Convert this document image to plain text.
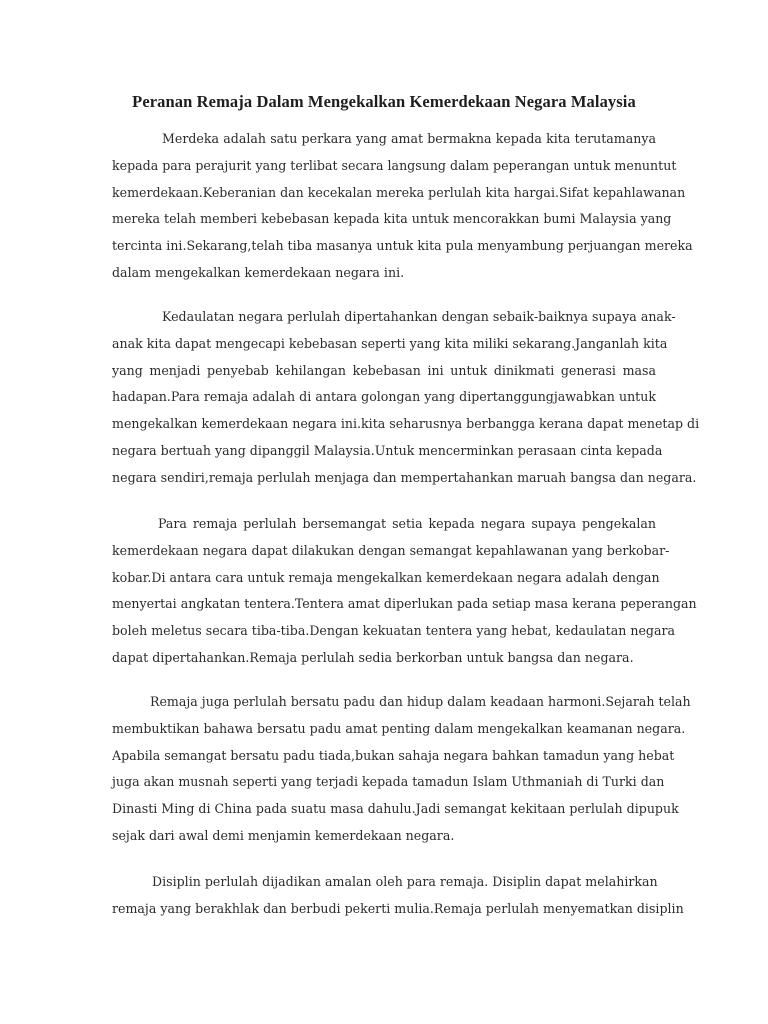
Peranan Remaja Dalam Mengekalkan Kemerdekaan Negara Malaysia
Merdeka adalah satu perkara yang amat bermakna kepada kita terutamanya
kepada para perajurit yang terlibat secara langsung dalam peperangan untuk menuntut
kemerdekaan.Keberanian dan kecekalan mereka perlulah kita hargai.Sifat kepahlawanan
mereka telah memberi kebebasan kepada kita untuk mencorakkan bumi Malaysia yang
tercinta ini.Sekarang,telah tiba masanya untuk kita pula menyambung perjuangan mereka
dalam mengekalkan kemerdekaan negara ini.
Kedaulatan negara perlulah dipertahankan dengan sebaik-baiknya supaya anak-
anak kita dapat mengecapi kebebasan seperti yang kita miliki sekarang.Janganlah kita
yang menjadi penyebab kehilangan kebebasan ini untuk dinikmati generasi masa
hadapan.Para remaja adalah di antara golongan yang dipertanggungjawabkan untuk
mengekalkan kemerdekaan negara ini.kita seharusnya berbangga kerana dapat menetap di
negara bertuah yang dipanggil Malaysia.Untuk mencerminkan perasaan cinta kepada
negara sendiri,remaja perlulah menjaga dan mempertahankan maruah bangsa dan negara.
Para remaja perlulah bersemangat setia kepada negara supaya pengekalan
kemerdekaan negara dapat dilakukan dengan semangat kepahlawanan yang berkobar-
kobar.Di antara cara untuk remaja mengekalkan kemerdekaan negara adalah dengan
menyertai angkatan tentera.Tentera amat diperlukan pada setiap masa kerana peperangan
boleh meletus secara tiba-tiba.Dengan kekuatan tentera yang hebat, kedaulatan negara
dapat dipertahankan.Remaja perlulah sedia berkorban untuk bangsa dan negara.
Remaja juga perlulah bersatu padu dan hidup dalam keadaan harmoni.Sejarah telah
membuktikan bahawa bersatu padu amat penting dalam mengekalkan keamanan negara.
Apabila semangat bersatu padu tiada,bukan sahaja negara bahkan tamadun yang hebat
juga akan musnah seperti yang terjadi kepada tamadun Islam Uthmaniah di Turki dan
Dinasti Ming di China pada suatu masa dahulu.Jadi semangat kekitaan perlulah dipupuk
sejak dari awal demi menjamin kemerdekaan negara.
Disiplin perlulah dijadikan amalan oleh para remaja. Disiplin dapat melahirkan
remaja yang berakhlak dan berbudi pekerti mulia.Remaja perlulah menyematkan disiplin
